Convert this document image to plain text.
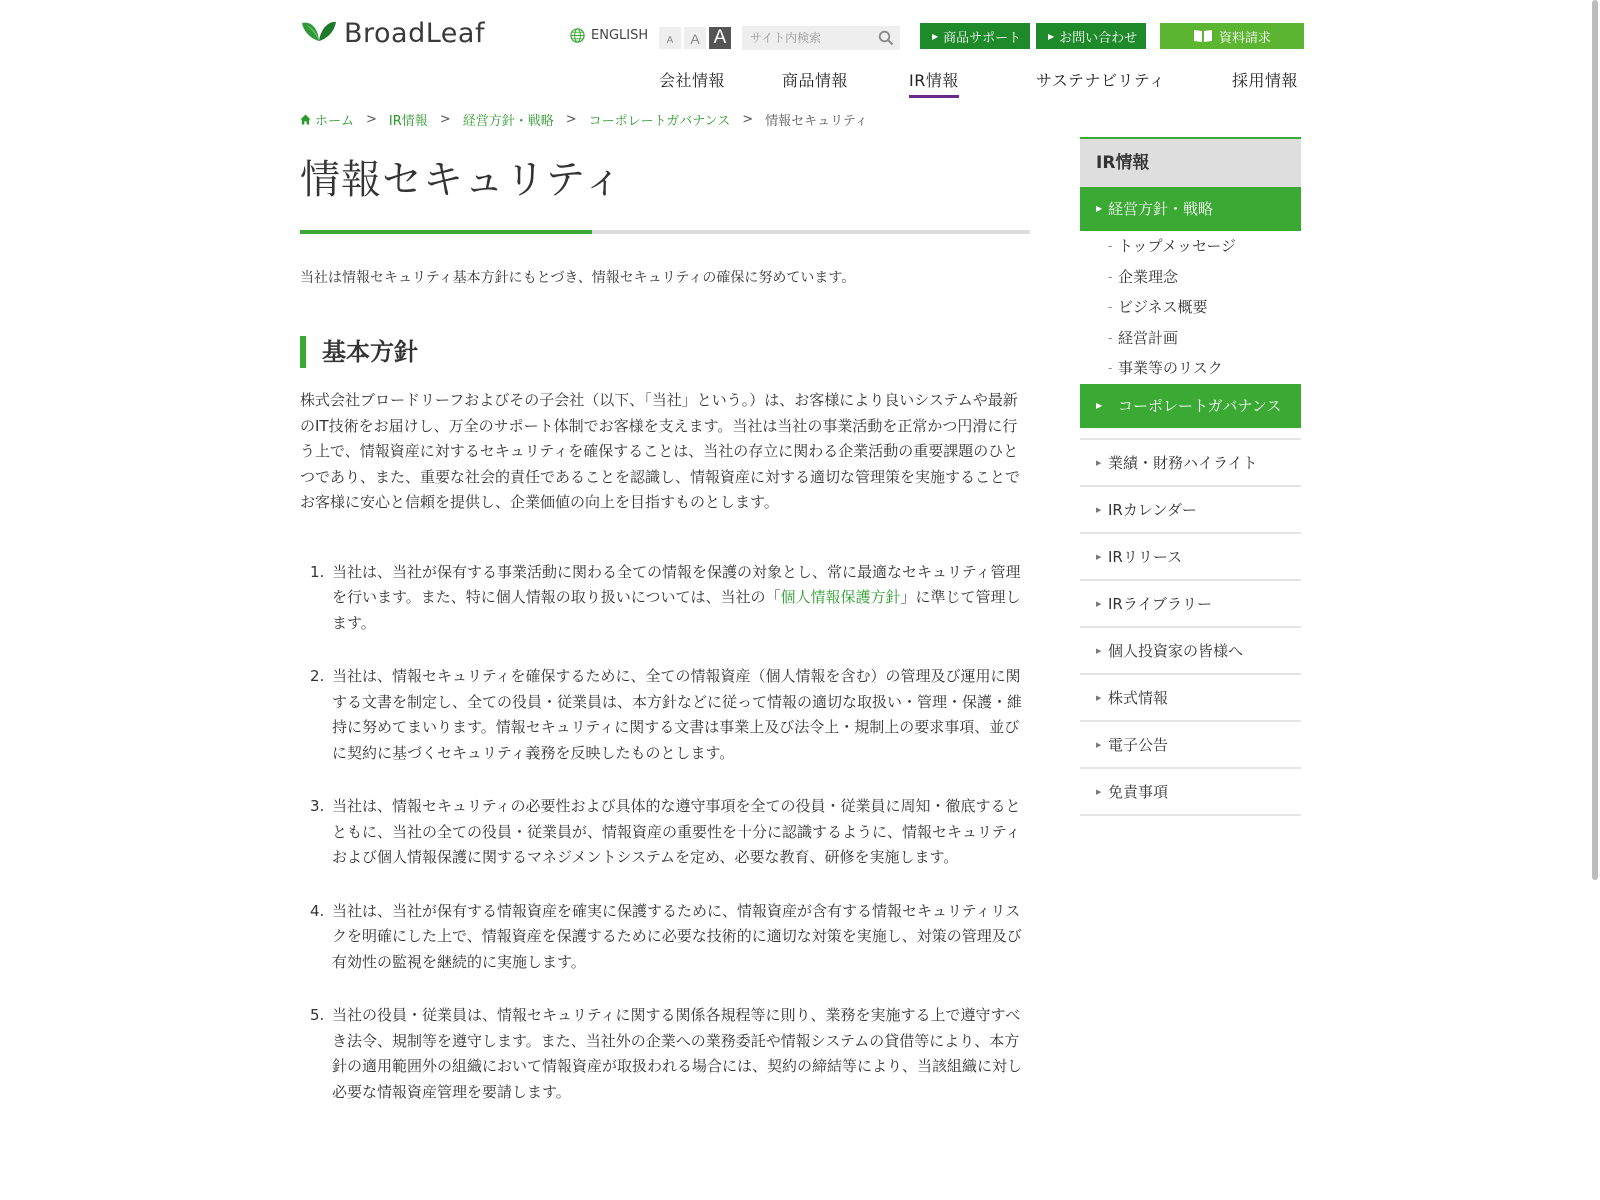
BroadLeaf	ENGLISH	A	A A
サイト内検索	▶ 商品サポート	▶ お問い合わせ	資料請求
会社情報	商品情報	IR情報	サステナビリティ	採用情報
ホーム > IR情報 > 経営方針・戦略 > コーポレートガバナンス > 情報セキュリティ
情報セキュリティ

当社は情報セキュリティ基本方針にもとづき、情報セキュリティの確保に努めています。

基本方針

株式会社ブロードリーフおよびその子会社（以下、「当社」という。）は、お客様により良いシステムや最新のIT技術をお届けし、万全のサポート体制でお客様を支えます。当社は当社の事業活動を正常かつ円滑に行う上で、情報資産に対するセキュリティを確保することは、当社の存立に関わる企業活動の重要課題のひとつであり、また、重要な社会的責任であることを認識し、情報資産に対する適切な管理策を実施することでお客様に安心と信頼を提供し、企業価値の向上を目指すものとします。

1. 当社は、当社が保有する事業活動に関わる全ての情報を保護の対象とし、常に最適なセキュリティ管理を行います。また、特に個人情報の取り扱いについては、当社の「個人情報保護方針」に準じて管理します。
2. 当社は、情報セキュリティを確保するために、全ての情報資産（個人情報を含む）の管理及び運用に関する文書を制定し、全ての役員・従業員は、本方針などに従って情報の適切な取扱い・管理・保護・維持に努めてまいります。情報セキュリティに関する文書は事業上及び法令上・規制上の要求事項、並びに契約に基づくセキュリティ義務を反映したものとします。
3. 当社は、情報セキュリティの必要性および具体的な遵守事項を全ての役員・従業員に周知・徹底するとともに、当社の全ての役員・従業員が、情報資産の重要性を十分に認識するように、情報セキュリティおよび個人情報保護に関するマネジメントシステムを定め、必要な教育、研修を実施します。
4. 当社は、当社が保有する情報資産を確実に保護するために、情報資産が含有する情報セキュリティリスクを明確にした上で、情報資産を保護するために必要な技術的に適切な対策を実施し、対策の管理及び有効性の監視を継続的に実施します。
5. 当社の役員・従業員は、情報セキュリティに関する関係各規程等に則り、業務を実施する上で遵守すべき法令、規制等を遵守します。また、当社外の企業への業務委託や情報システムの貸借等により、本方針の適用範囲外の組織において情報資産が取扱われる場合には、契約の締結等により、当該組織に対し必要な情報資産管理を要請します。
IR情報
▶ 経営方針・戦略
- トップメッセージ
- 企業理念
- ビジネス概要
- 経営計画
- 事業等のリスク
▶ コーポレートガバナンス
▶ 業績・財務ハイライト
▶ IRカレンダー
▶ IRリリース
▶ IRライブラリー
▶ 個人投資家の皆様へ
▶ 株式情報
▶ 電子公告
▶ 免責事項
